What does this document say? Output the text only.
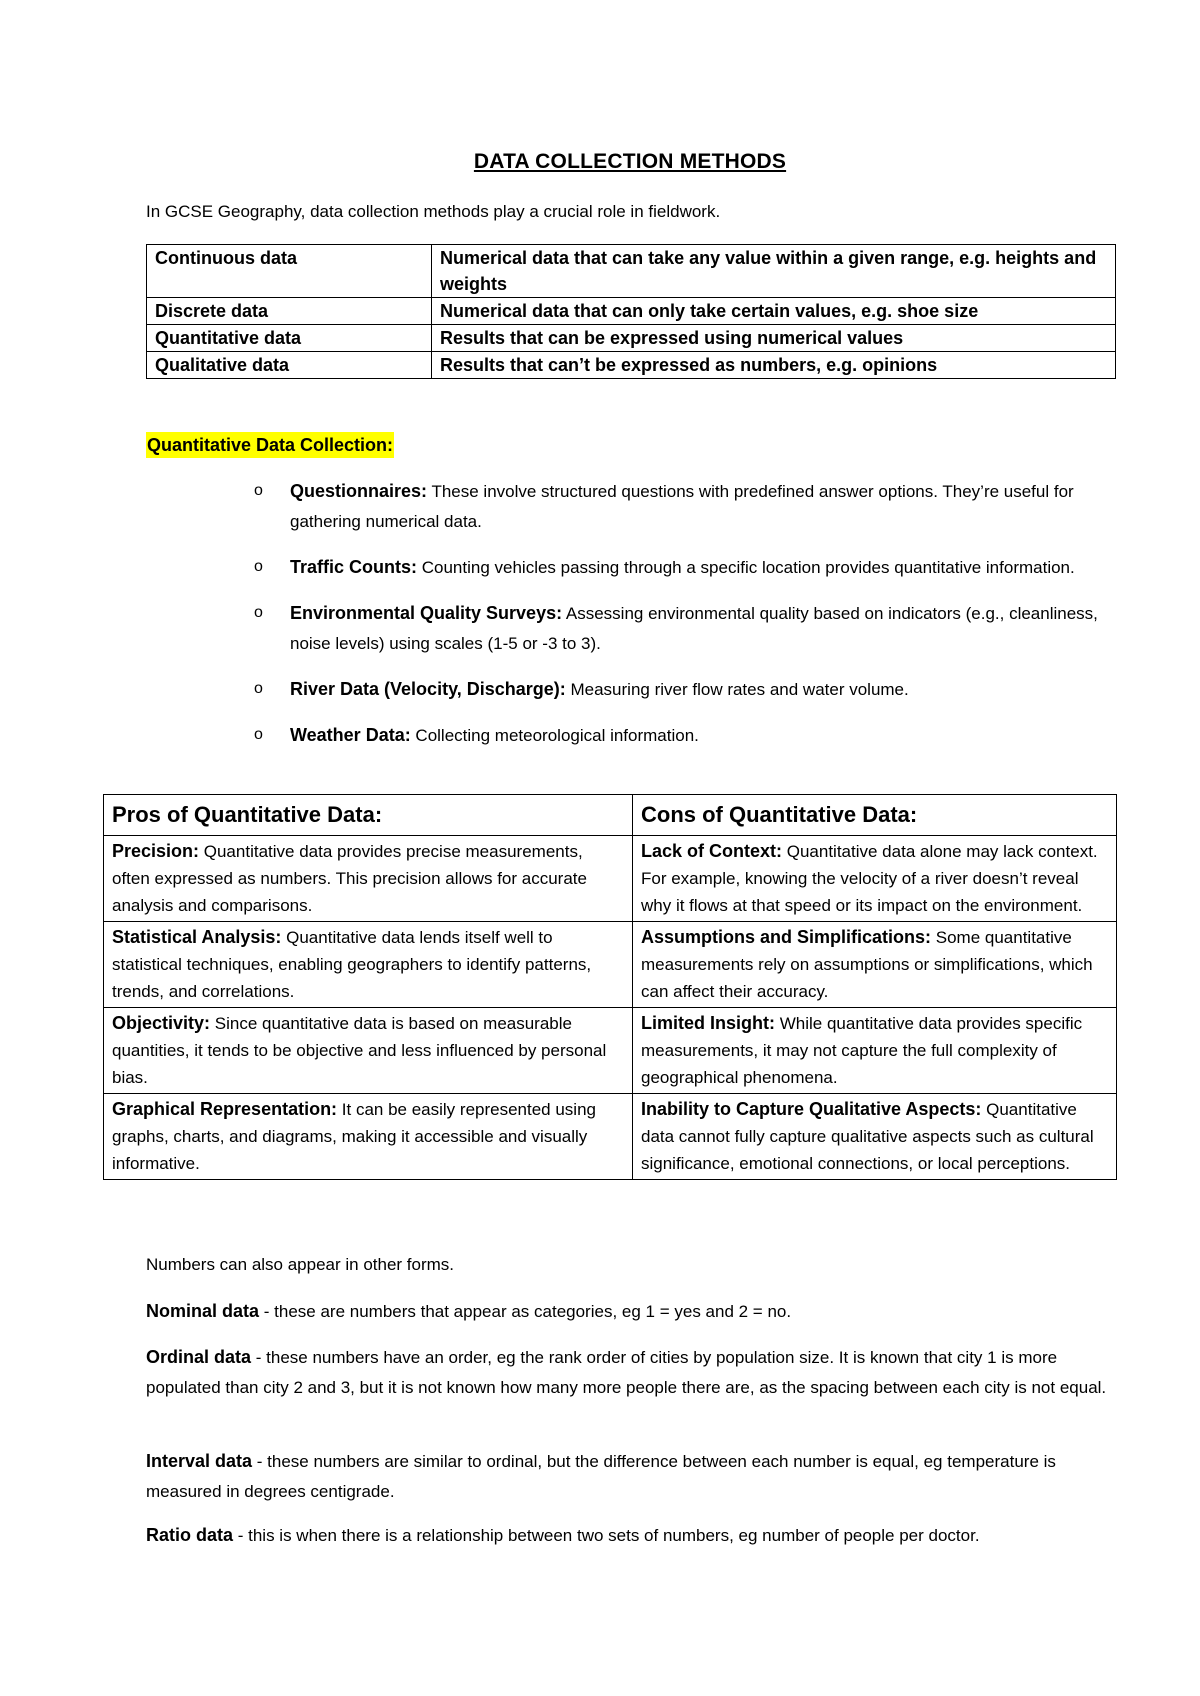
DATA COLLECTION METHODS
In GCSE Geography, data collection methods play a crucial role in fieldwork.
Continuous data	Numerical data that can take any value within a given range, e.g. heights and weights
Discrete data	Numerical data that can only take certain values, e.g. shoe size
Quantitative data	Results that can be expressed using numerical values
Qualitative data	Results that can’t be expressed as numbers, e.g. opinions
Quantitative Data Collection:
o Questionnaires: These involve structured questions with predefined answer options. They’re useful for gathering numerical data.
o Traffic Counts: Counting vehicles passing through a specific location provides quantitative information.
o Environmental Quality Surveys: Assessing environmental quality based on indicators (e.g., cleanliness, noise levels) using scales (1-5 or -3 to 3).
o River Data (Velocity, Discharge): Measuring river flow rates and water volume.
o Weather Data: Collecting meteorological information.
Pros of Quantitative Data:	Cons of Quantitative Data:
Precision: Quantitative data provides precise measurements, often expressed as numbers. This precision allows for accurate analysis and comparisons.	Lack of Context: Quantitative data alone may lack context. For example, knowing the velocity of a river doesn’t reveal why it flows at that speed or its impact on the environment.
Statistical Analysis: Quantitative data lends itself well to statistical techniques, enabling geographers to identify patterns, trends, and correlations.	Assumptions and Simplifications: Some quantitative measurements rely on assumptions or simplifications, which can affect their accuracy.
Objectivity: Since quantitative data is based on measurable quantities, it tends to be objective and less influenced by personal bias.	Limited Insight: While quantitative data provides specific measurements, it may not capture the full complexity of geographical phenomena.
Graphical Representation: It can be easily represented using graphs, charts, and diagrams, making it accessible and visually informative.	Inability to Capture Qualitative Aspects: Quantitative data cannot fully capture qualitative aspects such as cultural significance, emotional connections, or local perceptions.

Numbers can also appear in other forms.

Nominal data - these are numbers that appear as categories, eg 1 = yes and 2 = no.

Ordinal data - these numbers have an order, eg the rank order of cities by population size. It is known that city 1 is more populated than city 2 and 3, but it is not known how many more people there are, as the spacing between each city is not equal.

Interval data - these numbers are similar to ordinal, but the difference between each number is equal, eg temperature is measured in degrees centigrade.

Ratio data - this is when there is a relationship between two sets of numbers, eg number of people per doctor.
